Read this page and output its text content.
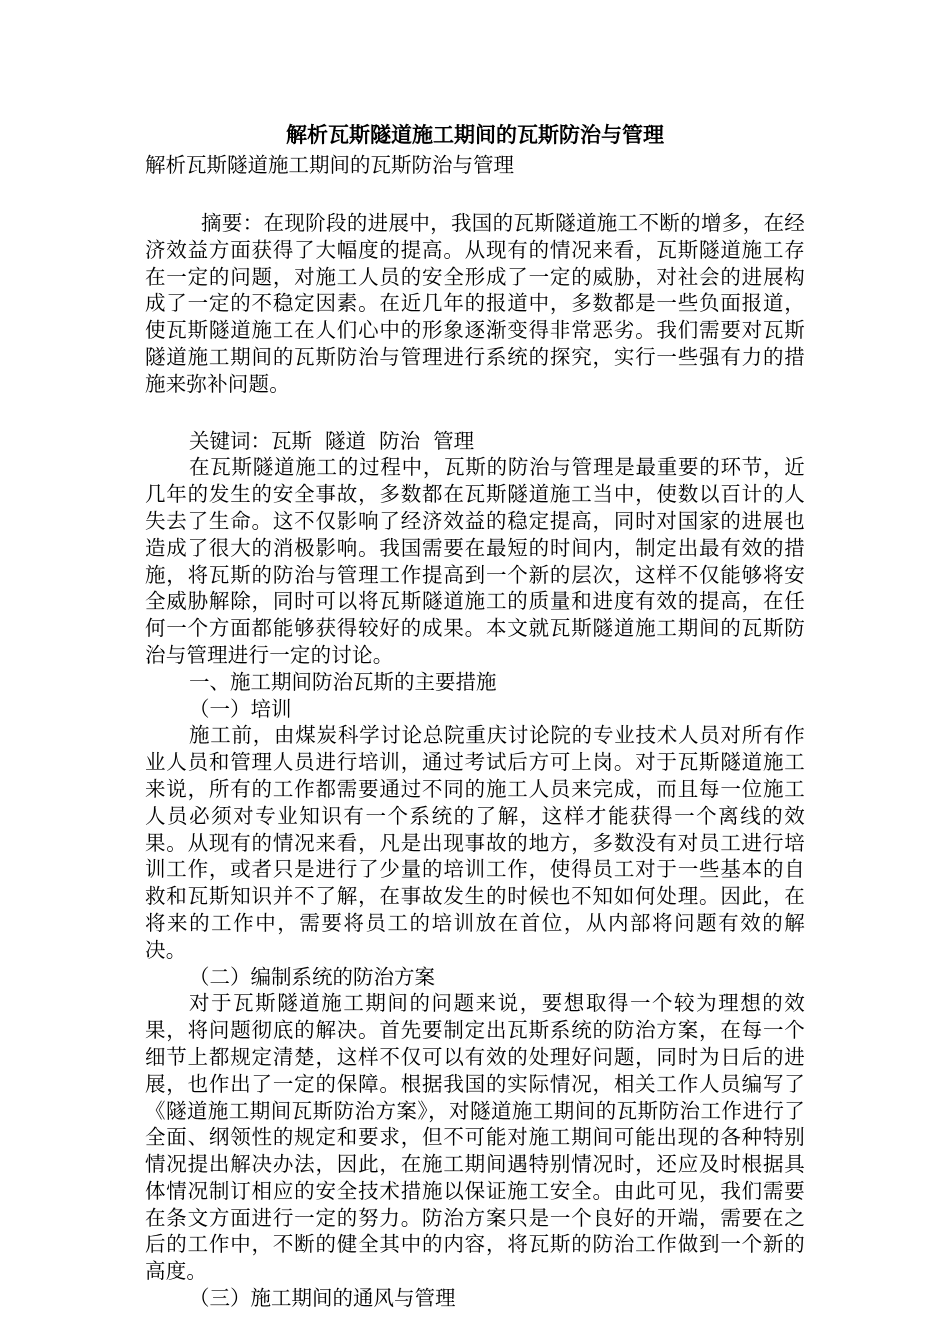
解析瓦斯隧道施工期间的瓦斯防治与管理
解析瓦斯隧道施工期间的瓦斯防治与管理

摘要：在现阶段的进展中，我国的瓦斯隧道施工不断的增多，在经济效益方面获得了大幅度的提高。从现有的情况来看，瓦斯隧道施工存在一定的问题，对施工人员的安全形成了一定的威胁，对社会的进展构成了一定的不稳定因素。在近几年的报道中，多数都是一些负面报道，使瓦斯隧道施工在人们心中的形象逐渐变得非常恶劣。我们需要对瓦斯隧道施工期间的瓦斯防治与管理进行系统的探究，实行一些强有力的措施来弥补问题。

关键词：瓦斯  隧道  防治  管理

在瓦斯隧道施工的过程中，瓦斯的防治与管理是最重要的环节，近几年的发生的安全事故，多数都在瓦斯隧道施工当中，使数以百计的人失去了生命。这不仅影响了经济效益的稳定提高，同时对国家的进展也造成了很大的消极影响。我国需要在最短的时间内，制定出最有效的措施，将瓦斯的防治与管理工作提高到一个新的层次，这样不仅能够将安全威胁解除，同时可以将瓦斯隧道施工的质量和进度有效的提高，在任何一个方面都能够获得较好的成果。本文就瓦斯隧道施工期间的瓦斯防治与管理进行一定的讨论。

一、施工期间防治瓦斯的主要措施

（一）培训

施工前，由煤炭科学讨论总院重庆讨论院的专业技术人员对所有作业人员和管理人员进行培训，通过考试后方可上岗。对于瓦斯隧道施工来说，所有的工作都需要通过不同的施工人员来完成，而且每一位施工人员必须对专业知识有一个系统的了解，这样才能获得一个离线的效果。从现有的情况来看，凡是出现事故的地方，多数没有对员工进行培训工作，或者只是进行了少量的培训工作，使得员工对于一些基本的自救和瓦斯知识并不了解，在事故发生的时候也不知如何处理。因此，在将来的工作中，需要将员工的培训放在首位，从内部将问题有效的解决。

（二）编制系统的防治方案

对于瓦斯隧道施工期间的问题来说，要想取得一个较为理想的效果，将问题彻底的解决。首先要制定出瓦斯系统的防治方案，在每一个细节上都规定清楚，这样不仅可以有效的处理好问题，同时为日后的进展，也作出了一定的保障。根据我国的实际情况，相关工作人员编写了《隧道施工期间瓦斯防治方案》，对隧道施工期间的瓦斯防治工作进行了全面、纲领性的规定和要求，但不可能对施工期间可能出现的各种特别情况提出解决办法，因此，在施工期间遇特别情况时，还应及时根据具体情况制订相应的安全技术措施以保证施工安全。由此可见，我们需要在条文方面进行一定的努力。防治方案只是一个良好的开端，需要在之后的工作中，不断的健全其中的内容，将瓦斯的防治工作做到一个新的高度。

（三）施工期间的通风与管理
